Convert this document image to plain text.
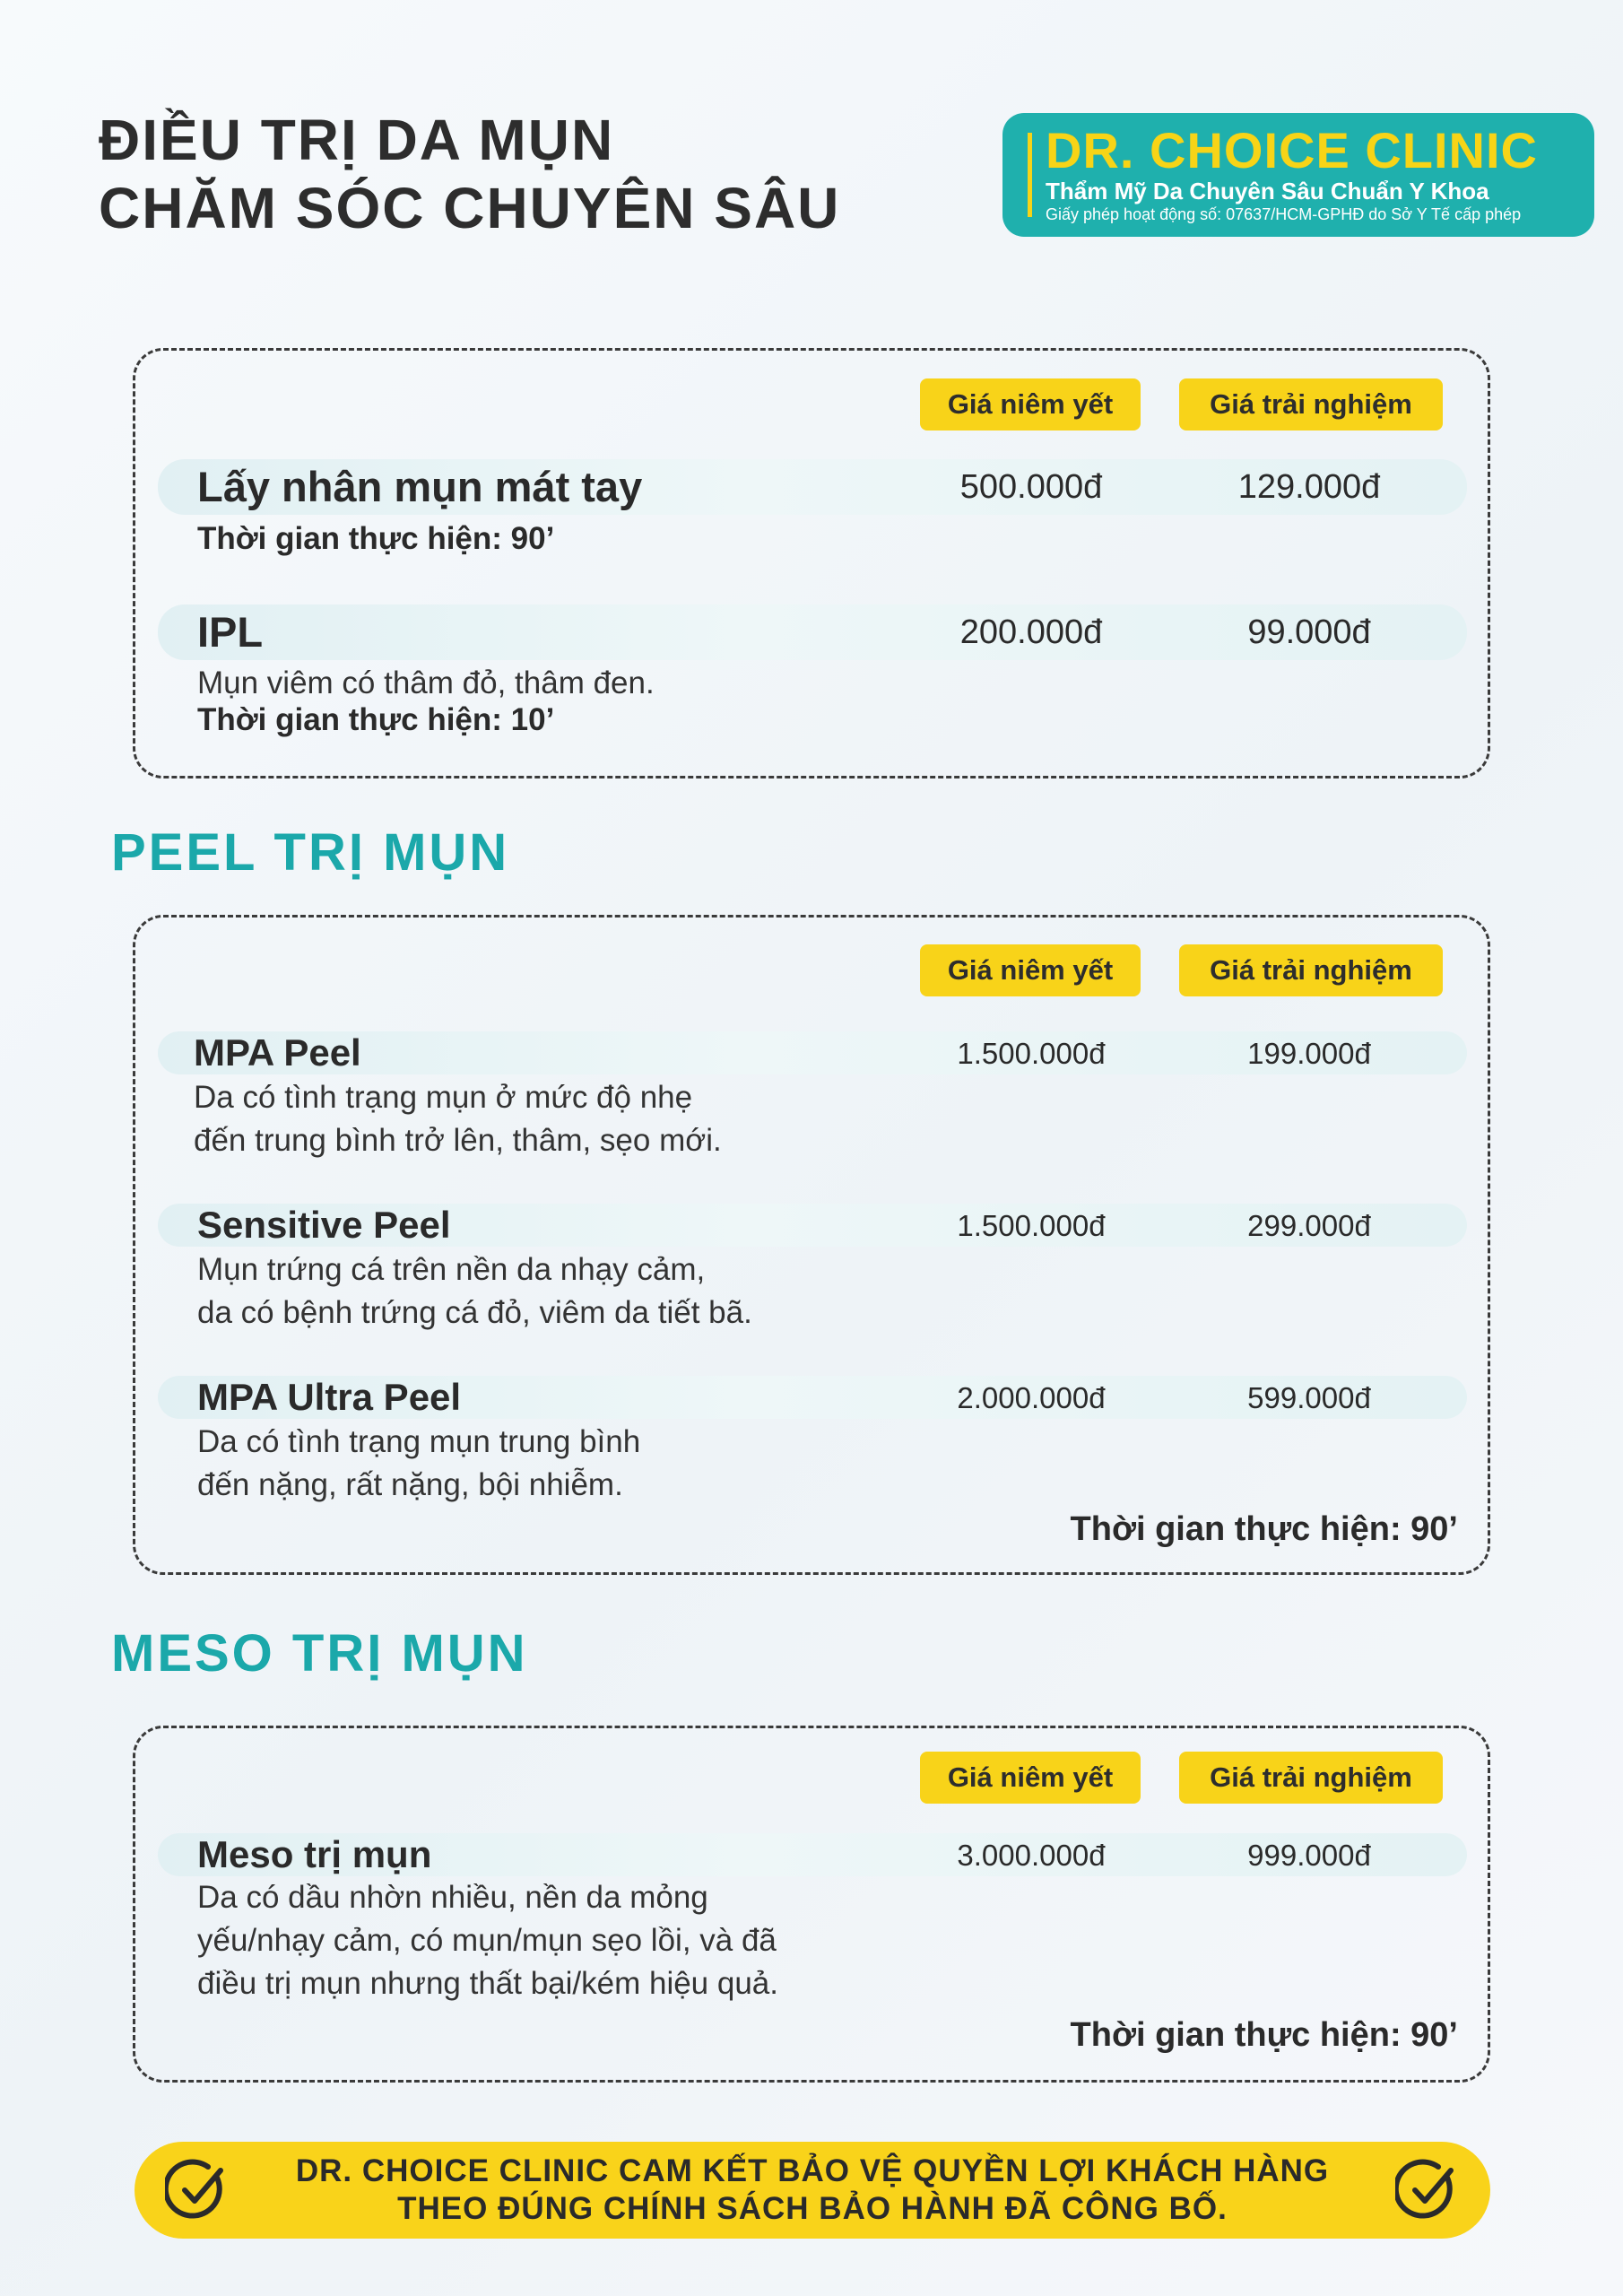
ĐIỀU TRỊ DA MỤN
CHĂM SÓC CHUYÊN SÂU
DR. CHOICE CLINIC
Thẩm Mỹ Da Chuyên Sâu Chuẩn Y Khoa
Giấy phép hoạt động số: 07637/HCM-GPHĐ do Sở Y Tế cấp phép
Giá niêm yết	Giá trải nghiệm
Lấy nhân mụn mát tay	500.000đ	129.000đ
Thời gian thực hiện: 90’
IPL	200.000đ	99.000đ
Mụn viêm có thâm đỏ, thâm đen.
Thời gian thực hiện: 10’
PEEL TRỊ MỤN
Giá niêm yết	Giá trải nghiệm
MPA Peel	1.500.000đ	199.000đ
Da có tình trạng mụn ở mức độ nhẹ
đến trung bình trở lên, thâm, sẹo mới.
Sensitive Peel	1.500.000đ	299.000đ
Mụn trứng cá trên nền da nhạy cảm,
da có bệnh trứng cá đỏ, viêm da tiết bã.
MPA Ultra Peel	2.000.000đ	599.000đ
Da có tình trạng mụn trung bình
đến nặng, rất nặng, bội nhiễm.
Thời gian thực hiện: 90’
MESO TRỊ MỤN
Giá niêm yết	Giá trải nghiệm
Meso trị mụn	3.000.000đ	999.000đ
Da có dầu nhờn nhiều, nền da mỏng
yếu/nhạy cảm, có mụn/mụn sẹo lồi, và đã
điều trị mụn nhưng thất bại/kém hiệu quả.
Thời gian thực hiện: 90’
DR. CHOICE CLINIC CAM KẾT BẢO VỆ QUYỀN LỢI KHÁCH HÀNG
THEO ĐÚNG CHÍNH SÁCH BẢO HÀNH ĐÃ CÔNG BỐ.
